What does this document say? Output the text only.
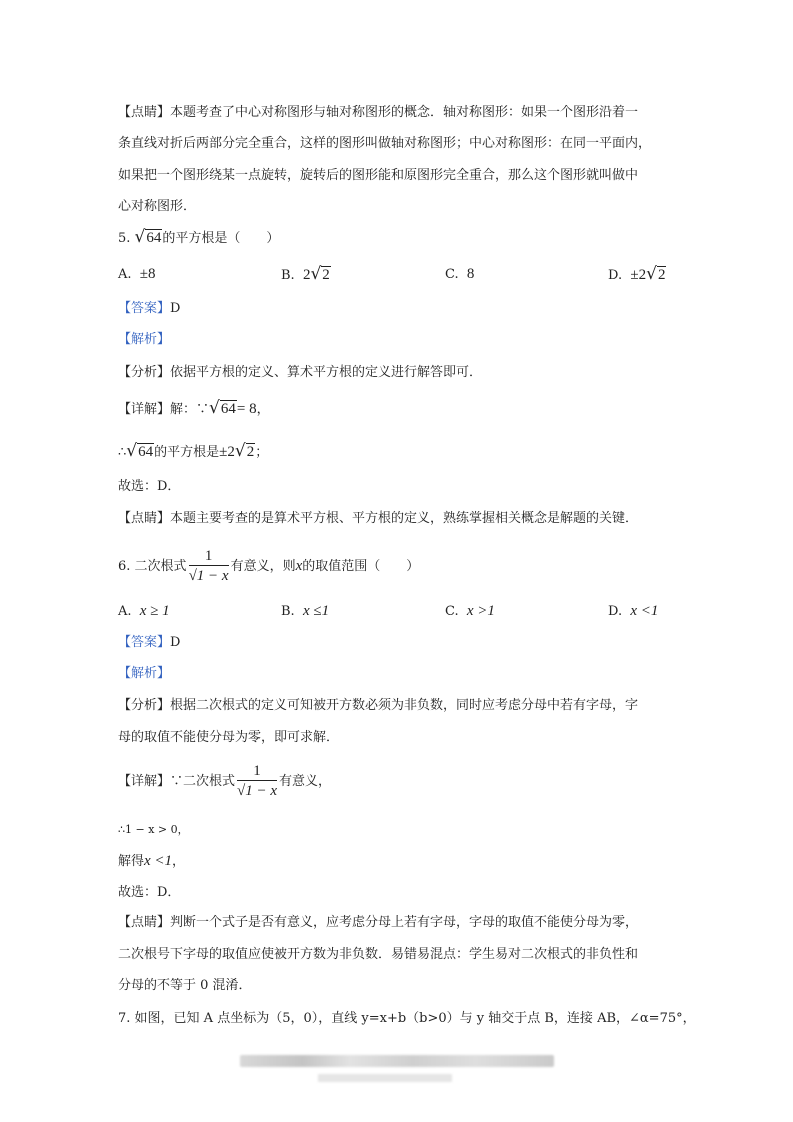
【点睛】本题考查了中心对称图形与轴对称图形的概念．轴对称图形：如果一个图形沿着一
条直线对折后两部分完全重合，这样的图形叫做轴对称图形；中心对称图形：在同一平面内，
如果把一个图形绕某一点旋转，旋转后的图形能和原图形完全重合，那么这个图形就叫做中
心对称图形．
5. √64的平方根是（　　）
A. ±8	B. 2√2	C. 8	D. ±2√2
【答案】D
【解析】
【分析】依据平方根的定义、算术平方根的定义进行解答即可．
【详解】解：∵√64= 8，
∴√64的平方根是±2√2；
故选：D．
【点睛】本题主要考查的是算术平方根、平方根的定义，熟练掌握相关概念是解题的关键．
6. 二次根式 $\frac{1}{√1 - x}$ 有意义，则x的取值范围（　　）
A. x ≥ 1	B. x ≤1	C. x >1	D. x <1
【答案】D
【解析】
【分析】根据二次根式的定义可知被开方数必须为非负数，同时应考虑分母中若有字母，字
母的取值不能使分母为零，即可求解．
【详解】∵二次根式 $\frac{1}{√1 - x}$ 有意义，
∴1 − x > 0，
解得x <1，
故选：D．
【点睛】判断一个式子是否有意义，应考虑分母上若有字母，字母的取值不能使分母为零，
二次根号下字母的取值应使被开方数为非负数．易错易混点：学生易对二次根式的非负性和
分母的不等于 0 混淆．
7. 如图，已知 A 点坐标为（5，0），直线 y=x+b（b>0）与 y 轴交于点 B，连接 AB，∠α=75°，
